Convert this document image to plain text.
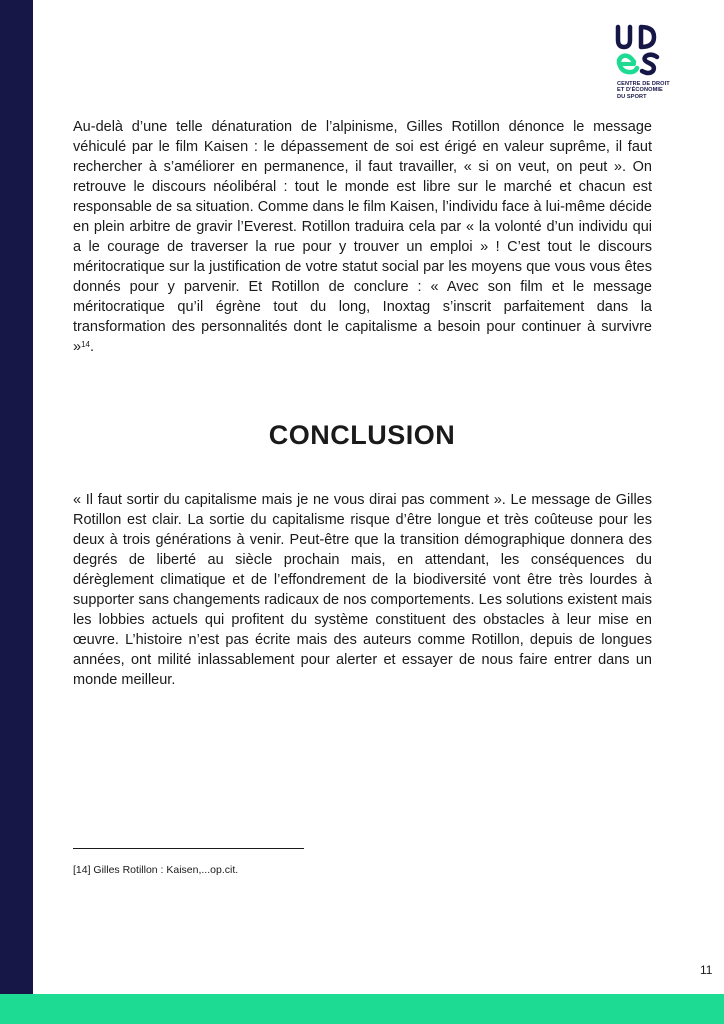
CENTRE DE DROIT
ET D'ÉCONOMIE
DU SPORT

Au-delà d’une telle dénaturation de l’alpinisme, Gilles Rotillon dénonce le message véhiculé par le film Kaisen : le dépassement de soi est érigé en valeur suprême, il faut rechercher à s’améliorer en permanence, il faut travailler, « si on veut, on peut ». On retrouve le discours néolibéral : tout le monde est libre sur le marché et chacun est responsable de sa situation. Comme dans le film Kaisen, l’individu face à lui-même décide en plein arbitre de gravir l’Everest. Rotillon traduira cela par « la volonté d’un individu qui a le courage de traverser la rue pour y trouver un emploi » ! C’est tout le discours méritocratique sur la justification de votre statut social par les moyens que vous vous êtes donnés pour y parvenir. Et Rotillon de conclure : « Avec son film et le message méritocratique qu’il égrène tout du long, Inoxtag s’inscrit parfaitement dans la transformation des personnalités dont le capitalisme a besoin pour continuer à survivre »$^{14}$.

CONCLUSION

« Il faut sortir du capitalisme mais je ne vous dirai pas comment ». Le message de Gilles Rotillon est clair. La sortie du capitalisme risque d’être longue et très coûteuse pour les deux à trois générations à venir. Peut-être que la transition démographique donnera des degrés de liberté au siècle prochain mais, en attendant, les conséquences du dérèglement climatique et de l’effondrement de la biodiversité vont être très lourdes à supporter sans changements radicaux de nos comportements. Les solutions existent mais les lobbies actuels qui profitent du système constituent des obstacles à leur mise en œuvre. L’histoire n’est pas écrite mais des auteurs comme Rotillon, depuis de longues années, ont milité inlassablement pour alerter et essayer de nous faire entrer dans un monde meilleur.

[14] Gilles Rotillon : Kaisen,...op.cit.

11
